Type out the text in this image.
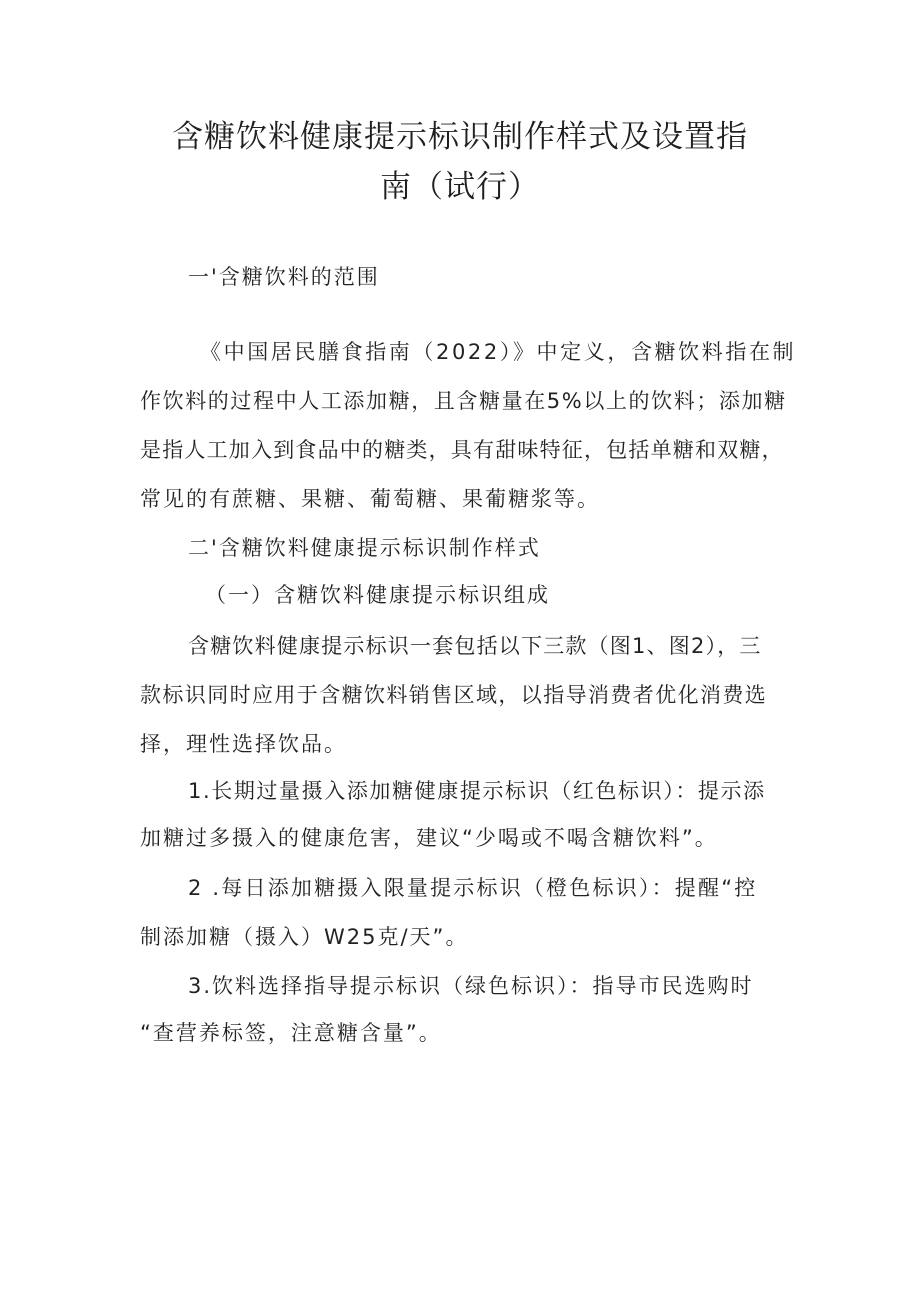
含糖饮料健康提示标识制作样式及设置指
南（试行）
一'含糖饮料的范围
《中国居民膳食指南（2022）》中定义，含糖饮料指在制
作饮料的过程中人工添加糖，且含糖量在5%以上的饮料；添加糖
是指人工加入到食品中的糖类，具有甜味特征，包括单糖和双糖，
常见的有蔗糖、果糖、葡萄糖、果葡糖浆等。
二'含糖饮料健康提示标识制作样式
（一）含糖饮料健康提示标识组成
含糖饮料健康提示标识一套包括以下三款（图1、图2），三
款标识同时应用于含糖饮料销售区域，以指导消费者优化消费选
择，理性选择饮品。
1.长期过量摄入添加糖健康提示标识（红色标识）：提示添
加糖过多摄入的健康危害，建议“少喝或不喝含糖饮料”。
2 .每日添加糖摄入限量提示标识（橙色标识）：提醒“控
制添加糖（摄入）W25克/天”。
3.饮料选择指导提示标识（绿色标识）：指导市民选购时
“查营养标签，注意糖含量”。
